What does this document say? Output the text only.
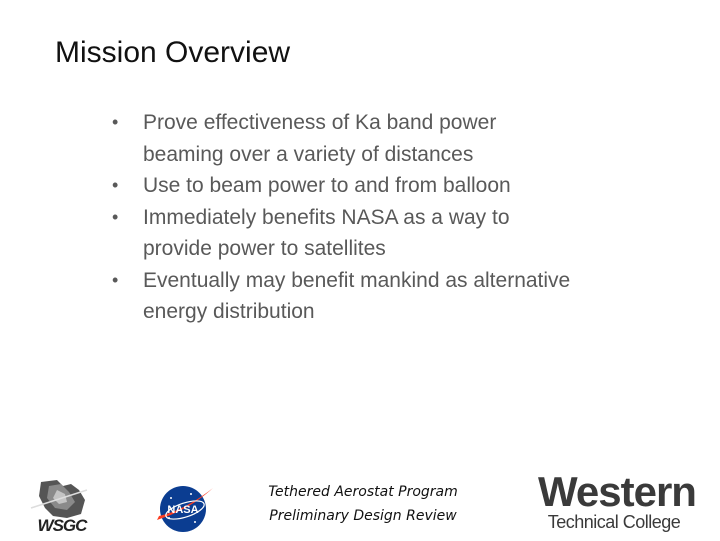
Mission Overview
• Prove effectiveness of Ka band power beaming over a variety of distances
• Use to beam power to and from balloon
• Immediately benefits NASA as a way to provide power to satellites
• Eventually may benefit mankind as alternative energy distribution
WSGC
NASA
Tethered Aerostat Program
Preliminary Design Review
Western
Technical College
